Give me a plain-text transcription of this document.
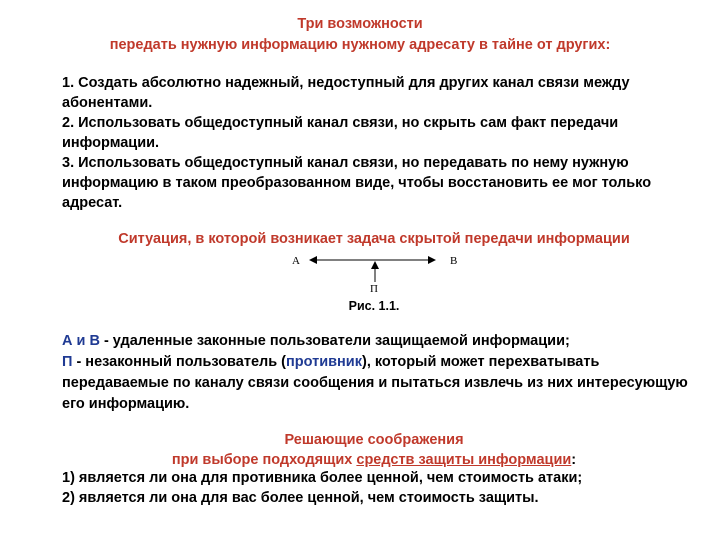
Три возможности
передать нужную информацию нужному адресату в тайне от других:
1. Создать абсолютно надежный, недоступный для других канал связи между абонентами.
2. Использовать общедоступный канал связи, но скрыть сам факт передачи информации.
3. Использовать общедоступный канал связи, но передавать по нему нужную информацию в таком преобразованном виде, чтобы восстановить ее мог только адресат.
Ситуация, в которой возникает задача скрытой передачи информации
А	В
П
Рис. 1.1.
А и В - удаленные законные пользователи защищаемой информации;
П - незаконный пользователь (противник), который может перехватывать передаваемые по каналу связи сообщения и пытаться извлечь из них интересующую его информацию.
Решающие соображения
при выборе подходящих средств защиты информации:
1) является ли она для противника более ценной, чем стоимость атаки;
2) является ли она для вас более ценной, чем стоимость защиты.
